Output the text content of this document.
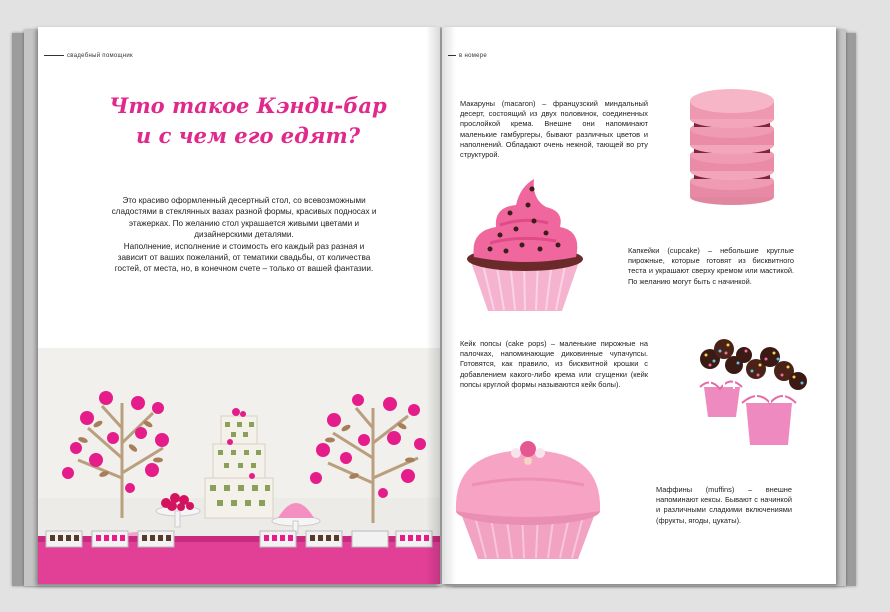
свадебный помощник
Что такое Кэнди-бар
и с чем его едят?

Это красиво оформленный десертный стол, со всевозможными сладостями в стеклянных вазах разной формы, красивых подносах и этажерках. По желанию стол украшается живыми цветами и дизайнерскими деталями.

Наполнение, исполнение и стоимость его каждый раз разная и зависит от ваших пожеланий, от тематики свадьбы, от количества гостей, от места, но, в конечном счете – только от вашей фантазии.

в номере
Макаруны (macaron) – французский миндальный десерт, состоящий из двух половинок, соединенных прослойкой крема. Внешне они напоминают маленькие гамбургеры, бывают различных цветов и наполнений. Обладают очень нежной, тающей во рту структурой.
Капкейки (cupcake) – небольшие круглые пирожные, которые готовят из бисквитного теста и украшают сверху кремом или мастикой. По желанию могут быть с начинкой.
Кейк попсы (cake pops) – маленькие пирожные на палочках, напоминающие диковинные чупачупсы. Готовятся, как правило, из бисквитной крошки с добавлением какого-либо крема или сгущенки (кейк попсы круглой формы называются кейк болы).
Маффины (muffins) – внешне напоминают кексы. Бывают с начинкой и различными сладкими включениями (фрукты, ягоды, цукаты).
